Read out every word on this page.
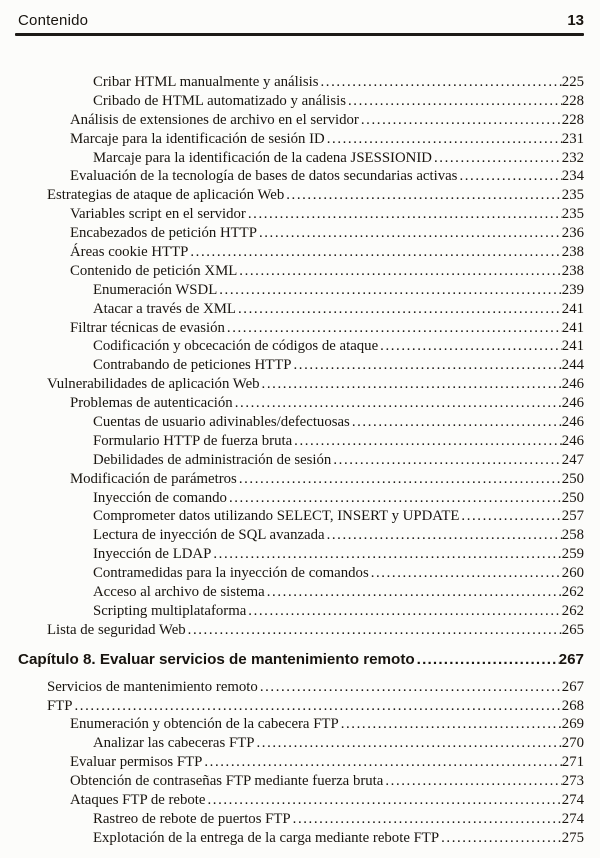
Contenido	13
Cribar HTML manualmente y análisis .....	225
Cribado de HTML automatizado y análisis .....	228
Análisis de extensiones de archivo en el servidor .....	228
Marcaje para la identificación de sesión ID .....	231
Marcaje para la identificación de la cadena JSESSIONID .....	232
Evaluación de la tecnología de bases de datos secundarias activas .....	234
Estrategias de ataque de aplicación Web .....	235
Variables script en el servidor .....	235
Encabezados de petición HTTP .....	236
Áreas cookie HTTP .....	238
Contenido de petición XML .....	238
Enumeración WSDL .....	239
Atacar a través de XML .....	241
Filtrar técnicas de evasión .....	241
Codificación y obcecación de códigos de ataque .....	241
Contrabando de peticiones HTTP .....	244
Vulnerabilidades de aplicación Web .....	246
Problemas de autenticación .....	246
Cuentas de usuario adivinables/defectuosas .....	246
Formulario HTTP de fuerza bruta .....	246
Debilidades de administración de sesión .....	247
Modificación de parámetros .....	250
Inyección de comando .....	250
Comprometer datos utilizando SELECT, INSERT y UPDATE .....	257
Lectura de inyección de SQL avanzada .....	258
Inyección de LDAP .....	259
Contramedidas para la inyección de comandos .....	260
Acceso al archivo de sistema .....	262
Scripting multiplataforma .....	262
Lista de seguridad Web .....	265
Capítulo 8. Evaluar servicios de mantenimiento remoto .....	267
Servicios de mantenimiento remoto .....	267
FTP .....	268
Enumeración y obtención de la cabecera FTP .....	269
Analizar las cabeceras FTP .....	270
Evaluar permisos FTP .....	271
Obtención de contraseñas FTP mediante fuerza bruta .....	273
Ataques FTP de rebote .....	274
Rastreo de rebote de puertos FTP .....	274
Explotación de la entrega de la carga mediante rebote FTP .....	275
